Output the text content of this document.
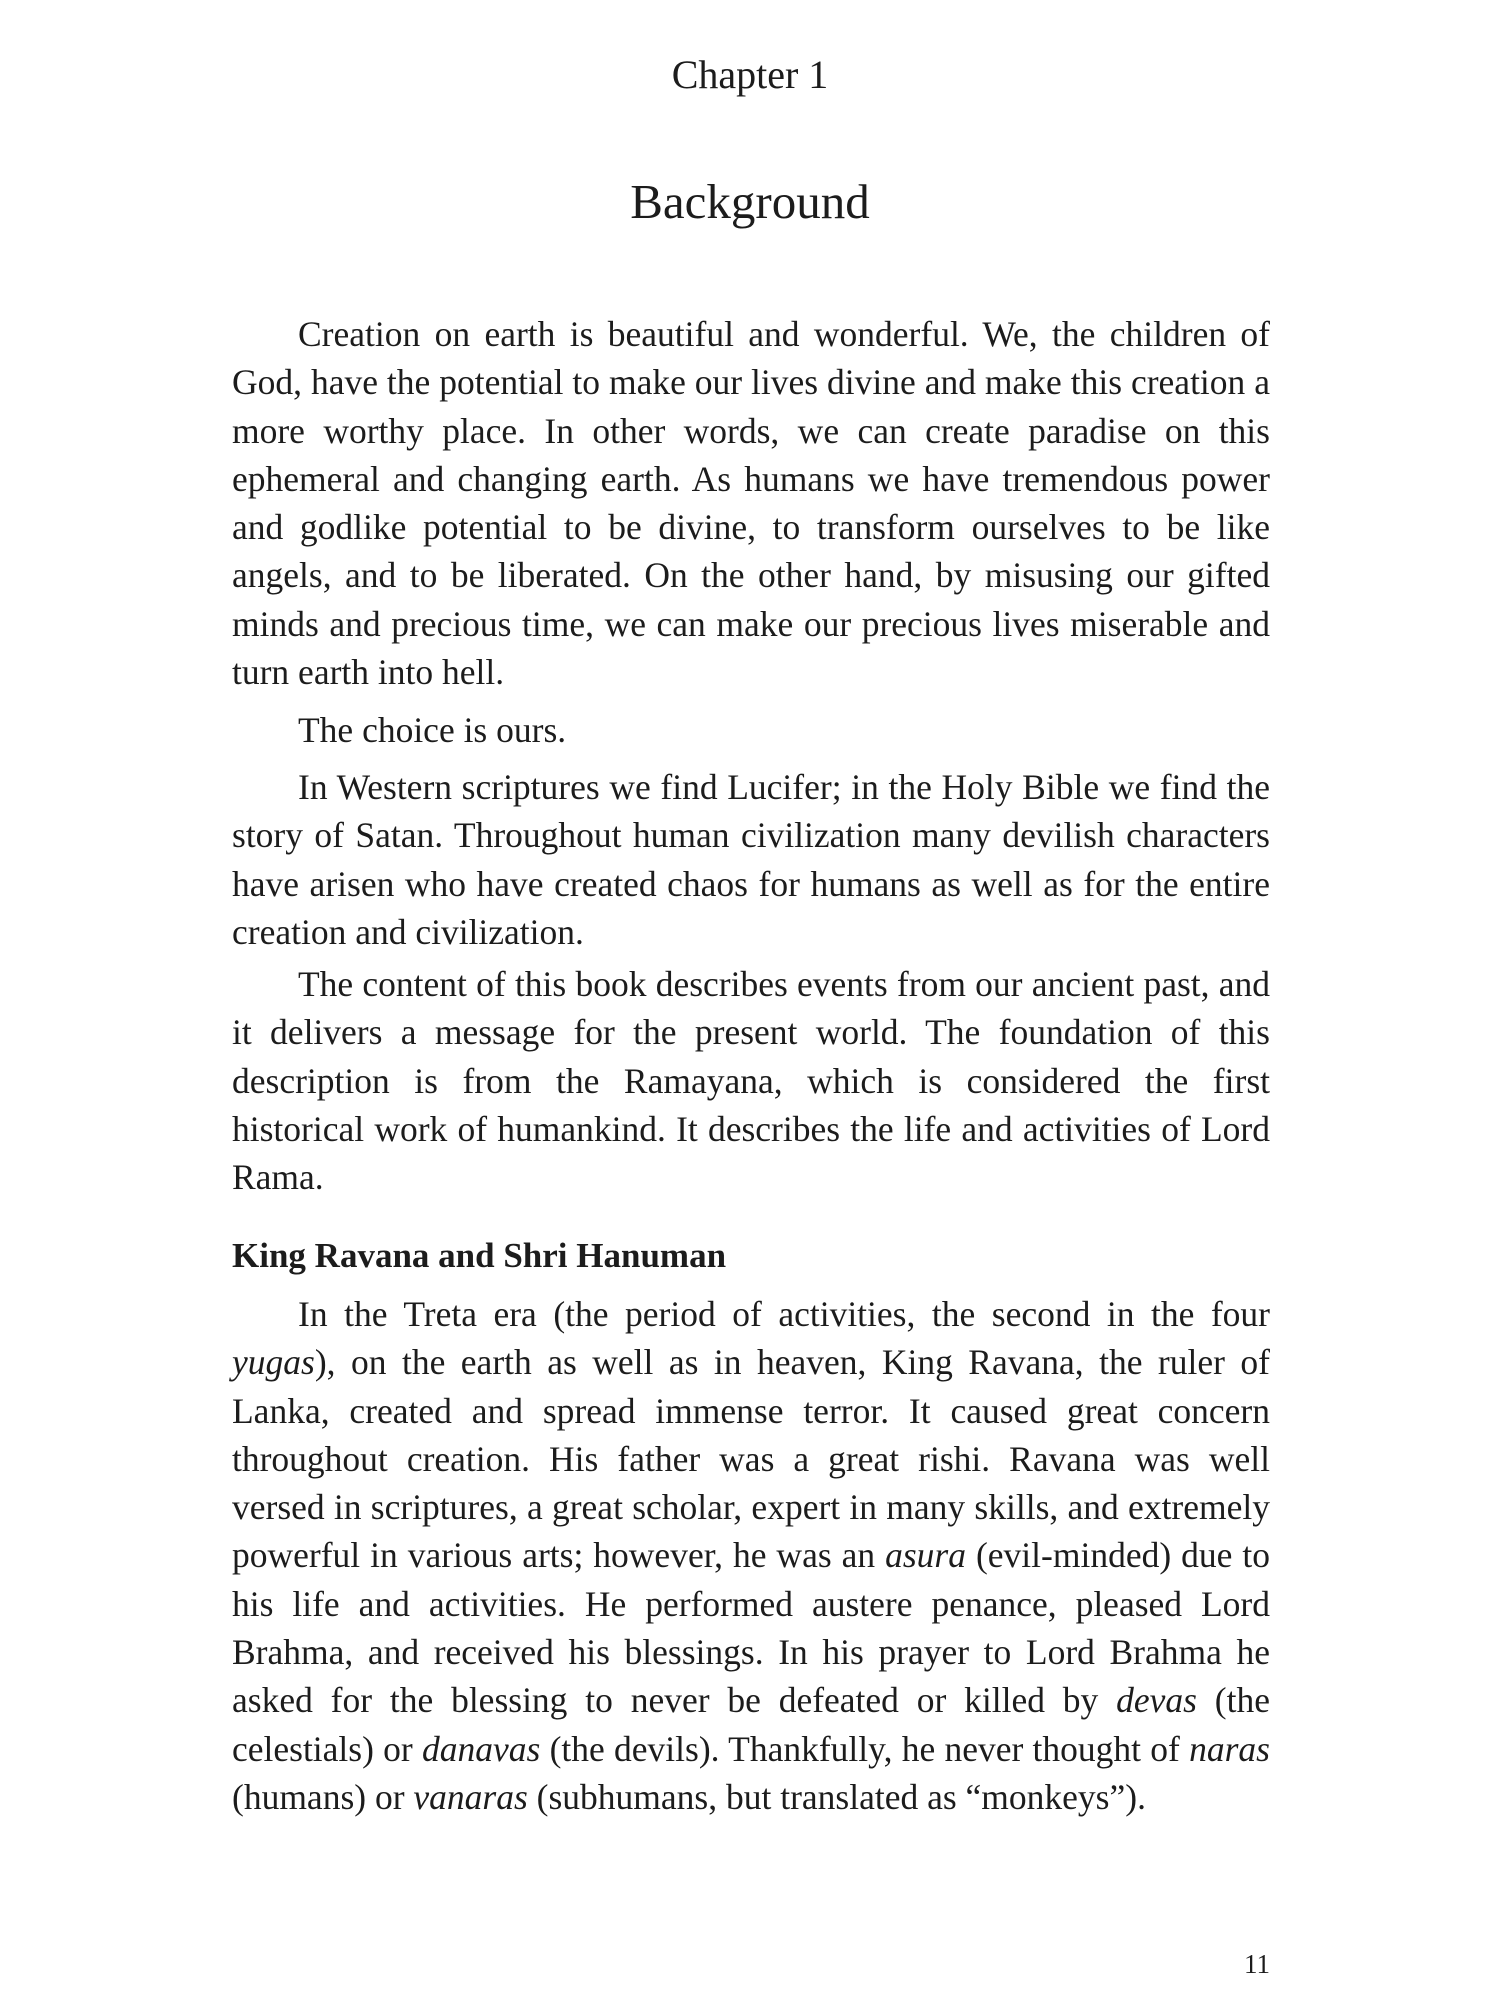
Chapter 1
Background

Creation on earth is beautiful and wonderful. We, the children of God, have the potential to make our lives divine and make this creation a more worthy place. In other words, we can create paradise on this ephemeral and changing earth. As humans we have tremendous power and godlike potential to be divine, to transform ourselves to be like angels, and to be liberated. On the other hand, by misusing our gifted minds and precious time, we can make our precious lives miserable and turn earth into hell.

The choice is ours.

In Western scriptures we find Lucifer; in the Holy Bible we find the story of Satan. Throughout human civilization many devilish characters have arisen who have created chaos for humans as well as for the entire creation and civilization.

The content of this book describes events from our ancient past, and it delivers a message for the present world. The foundation of this description is from the Ramayana, which is considered the first historical work of humankind. It describes the life and activities of Lord Rama.

King Ravana and Shri Hanuman

In the Treta era (the period of activities, the second in the four yugas), on the earth as well as in heaven, King Ravana, the ruler of Lanka, created and spread immense terror. It caused great concern throughout creation. His father was a great rishi. Ravana was well versed in scriptures, a great scholar, expert in many skills, and extremely powerful in various arts; however, he was an asura (evil-minded) due to his life and activities. He performed austere penance, pleased Lord Brahma, and received his blessings. In his prayer to Lord Brahma he asked for the blessing to never be defeated or killed by devas (the celestials) or danavas (the devils). Thankfully, he never thought of naras (humans) or vanaras (subhumans, but translated as “monkeys”).

11
